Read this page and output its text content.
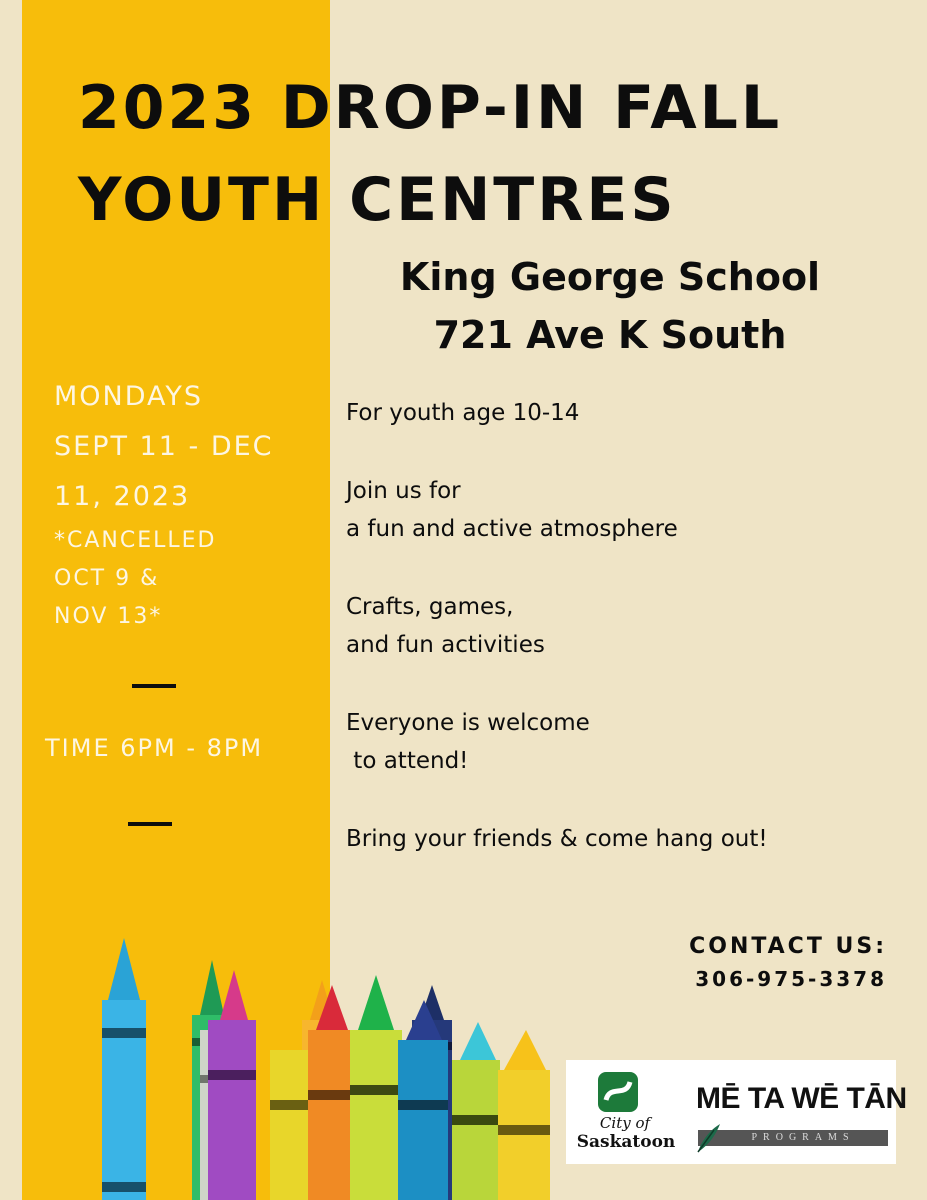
2023 DROP-IN FALL
YOUTH CENTRES
King George School
721 Ave K South
MONDAYS
SEPT 11 - DEC
11, 2023
*CANCELLED
OCT 9 &
NOV 13*
TIME 6PM - 8PM
For youth age 10-14
Join us for
a fun and active atmosphere
Crafts, games,
and fun activities
Everyone is welcome
to attend!
Bring your friends & come hang out!
CONTACT US:
306-975-3378
City of
Saskatoon
MĒ TA WĒ TĀN
PROGRAMS
